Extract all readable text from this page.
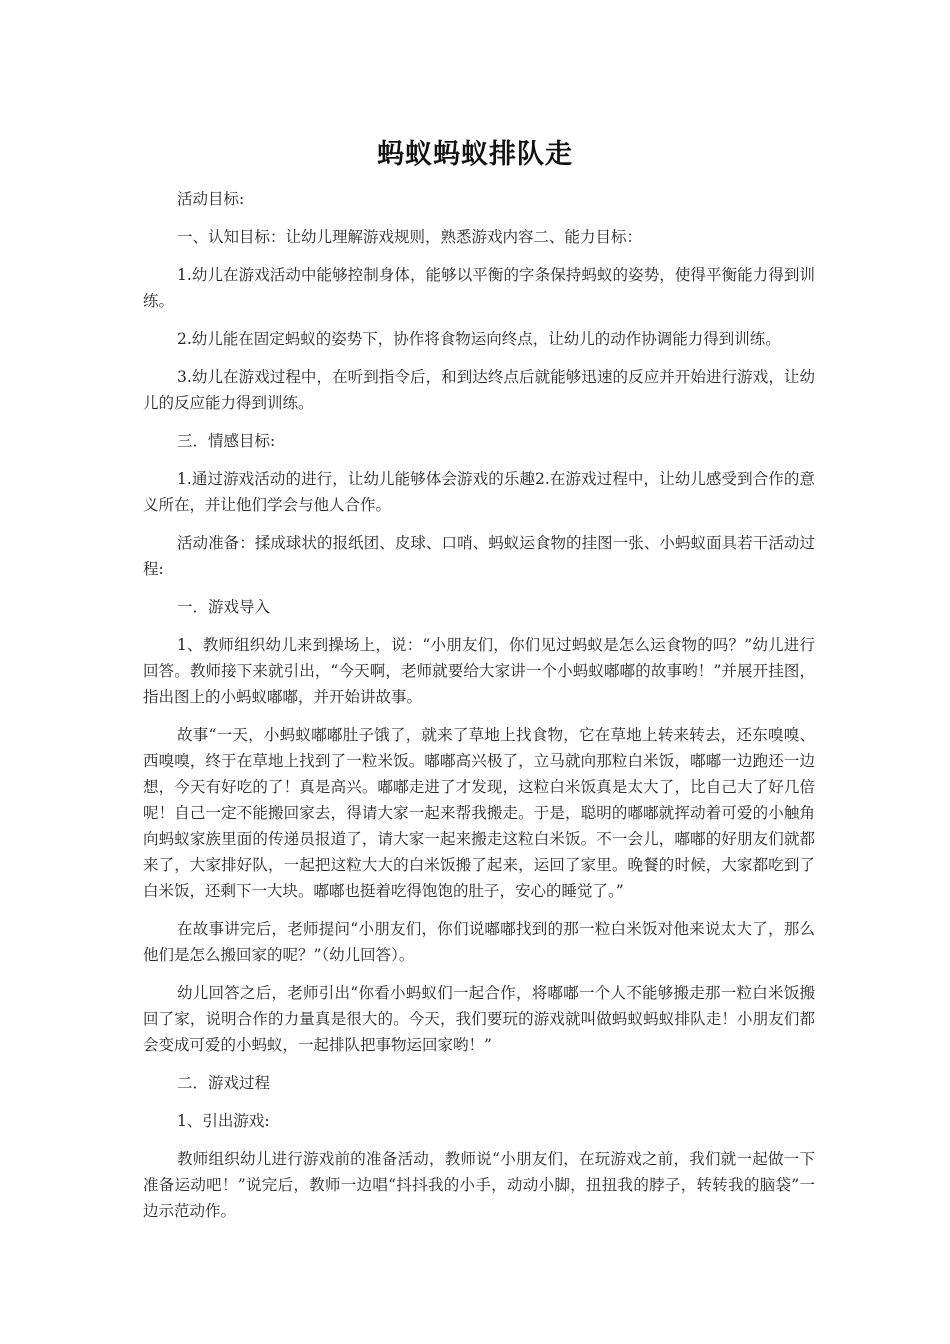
蚂蚁蚂蚁排队走

活动目标:

一、认知目标：让幼儿理解游戏规则，熟悉游戏内容二、能力目标：

1.幼儿在游戏活动中能够控制身体，能够以平衡的字条保持蚂蚁的姿势，使得平衡能力得到训练。

2.幼儿能在固定蚂蚁的姿势下，协作将食物运向终点，让幼儿的动作协调能力得到训练。

3.幼儿在游戏过程中，在听到指令后，和到达终点后就能够迅速的反应并开始进行游戏，让幼儿的反应能力得到训练。

三．情感目标:

1.通过游戏活动的进行，让幼儿能够体会游戏的乐趣2.在游戏过程中，让幼儿感受到合作的意义所在，并让他们学会与他人合作。

活动准备：揉成球状的报纸团、皮球、口哨、蚂蚁运食物的挂图一张、小蚂蚁面具若干活动过程:

一．游戏导入

1、教师组织幼儿来到操场上，说：“小朋友们，你们见过蚂蚁是怎么运食物的吗？”幼儿进行回答。教师接下来就引出，“今天啊，老师就要给大家讲一个小蚂蚁嘟嘟的故事哟！”并展开挂图，指出图上的小蚂蚁嘟嘟，并开始讲故事。

故事“一天，小蚂蚁嘟嘟肚子饿了，就来了草地上找食物，它在草地上转来转去，还东嗅嗅、西嗅嗅，终于在草地上找到了一粒米饭。嘟嘟高兴极了，立马就向那粒白米饭，嘟嘟一边跑还一边想，今天有好吃的了！真是高兴。嘟嘟走进了才发现，这粒白米饭真是太大了，比自己大了好几倍呢！自己一定不能搬回家去，得请大家一起来帮我搬走。于是，聪明的嘟嘟就挥动着可爱的小触角向蚂蚁家族里面的传递员报道了，请大家一起来搬走这粒白米饭。不一会儿，嘟嘟的好朋友们就都来了，大家排好队，一起把这粒大大的白米饭搬了起来，运回了家里。晚餐的时候，大家都吃到了白米饭，还剩下一大块。嘟嘟也挺着吃得饱饱的肚子，安心的睡觉了。”

在故事讲完后，老师提问“小朋友们，你们说嘟嘟找到的那一粒白米饭对他来说太大了，那么他们是怎么搬回家的呢？”（幼儿回答）。

幼儿回答之后，老师引出“你看小蚂蚁们一起合作，将嘟嘟一个人不能够搬走那一粒白米饭搬回了家，说明合作的力量真是很大的。今天，我们要玩的游戏就叫做蚂蚁蚂蚁排队走！小朋友们都会变成可爱的小蚂蚁，一起排队把事物运回家哟！”

二．游戏过程

1、引出游戏:

教师组织幼儿进行游戏前的准备活动，教师说“小朋友们，在玩游戏之前，我们就一起做一下准备运动吧！”说完后，教师一边唱“抖抖我的小手，动动小脚，扭扭我的脖子，转转我的脑袋”一边示范动作。
